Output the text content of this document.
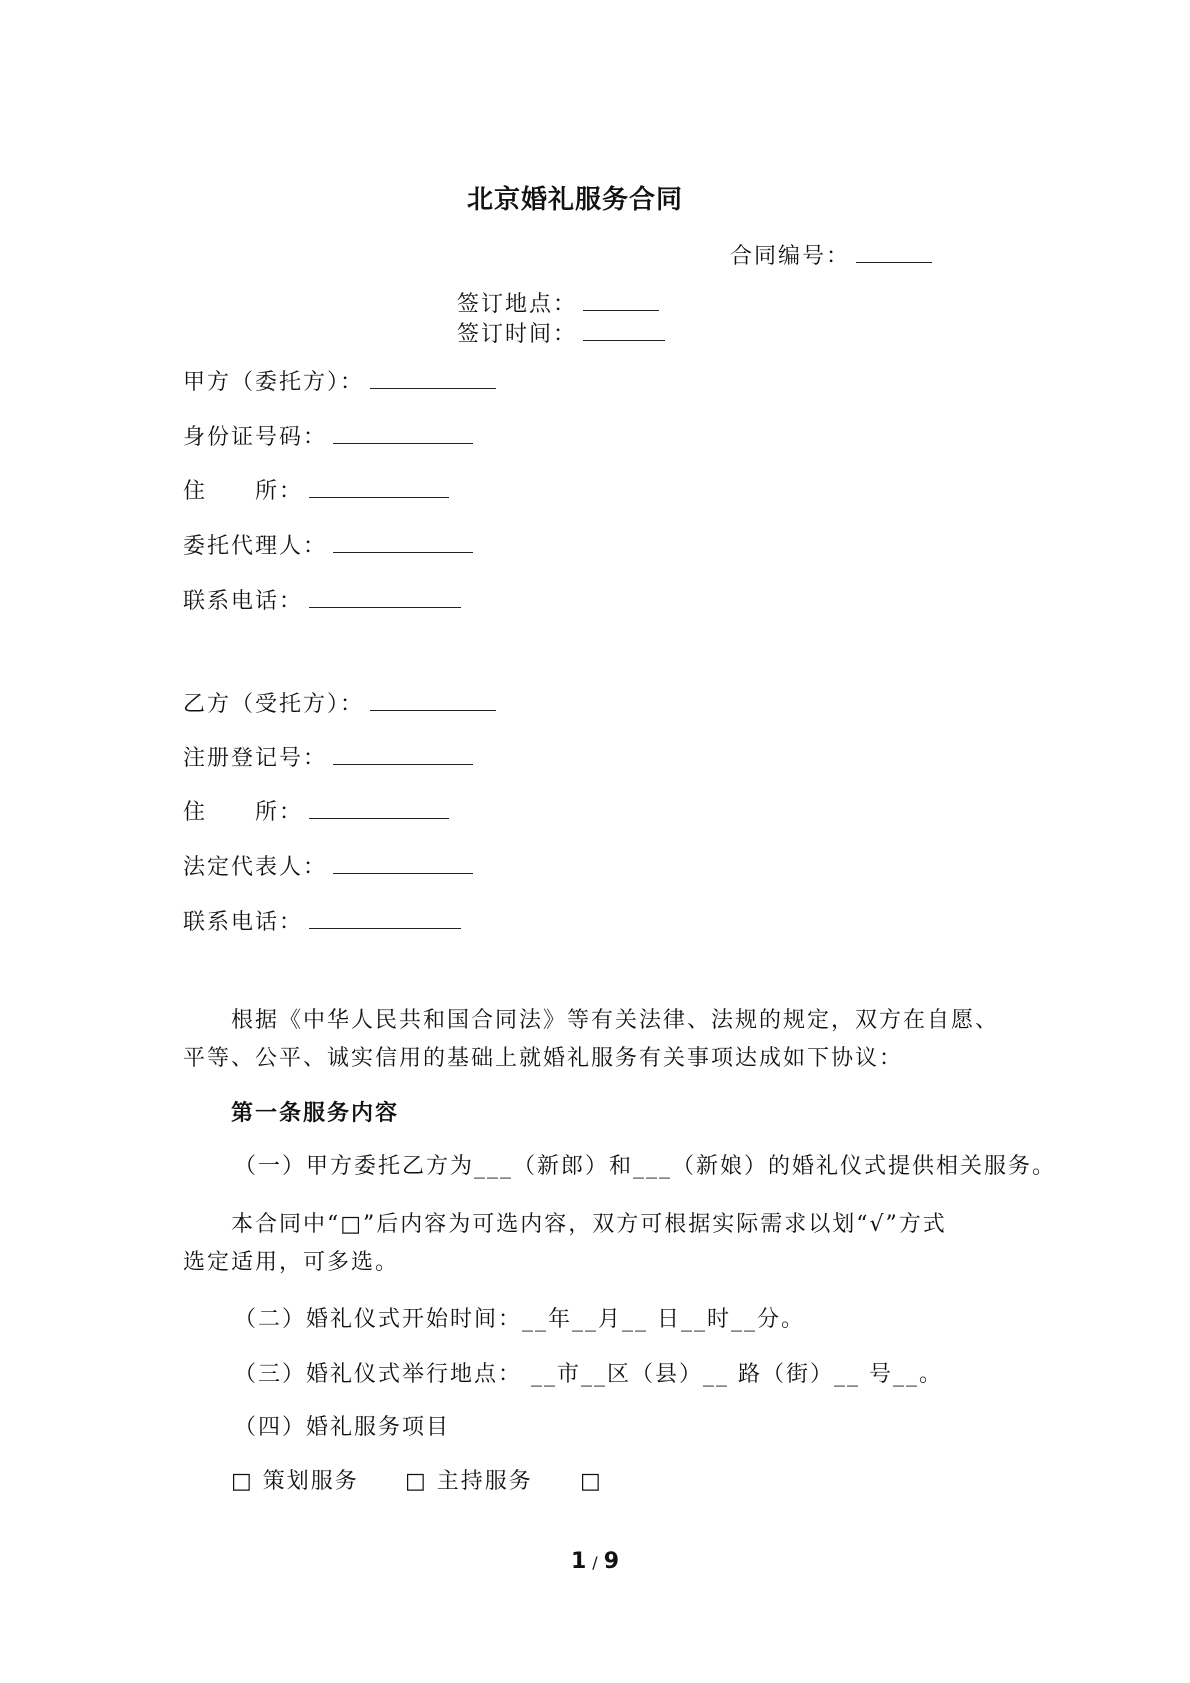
北京婚礼服务合同
合同编号：
签订地点：
签订时间：
甲方（委托方）：
身份证号码：
住　　所：
委托代理人：
联系电话：
乙方（受托方）：
注册登记号：
住　　所：
法定代表人：
联系电话：
根据《中华人民共和国合同法》等有关法律、法规的规定，双方在自愿、
平等、公平、诚实信用的基础上就婚礼服务有关事项达成如下协议：
第一条服务内容
（一）甲方委托乙方为___（新郎）和___（新娘）的婚礼仪式提供相关服务。
本合同中“□”后内容为可选内容，双方可根据实际需求以划“√”方式
选定适用，可多选。
（二）婚礼仪式开始时间：__年__月__ 日__时__分。
（三）婚礼仪式举行地点： __市__区（县）__ 路（街）__ 号__。
（四）婚礼服务项目
□ 策划服务 □ 主持服务 □
1 / 9
